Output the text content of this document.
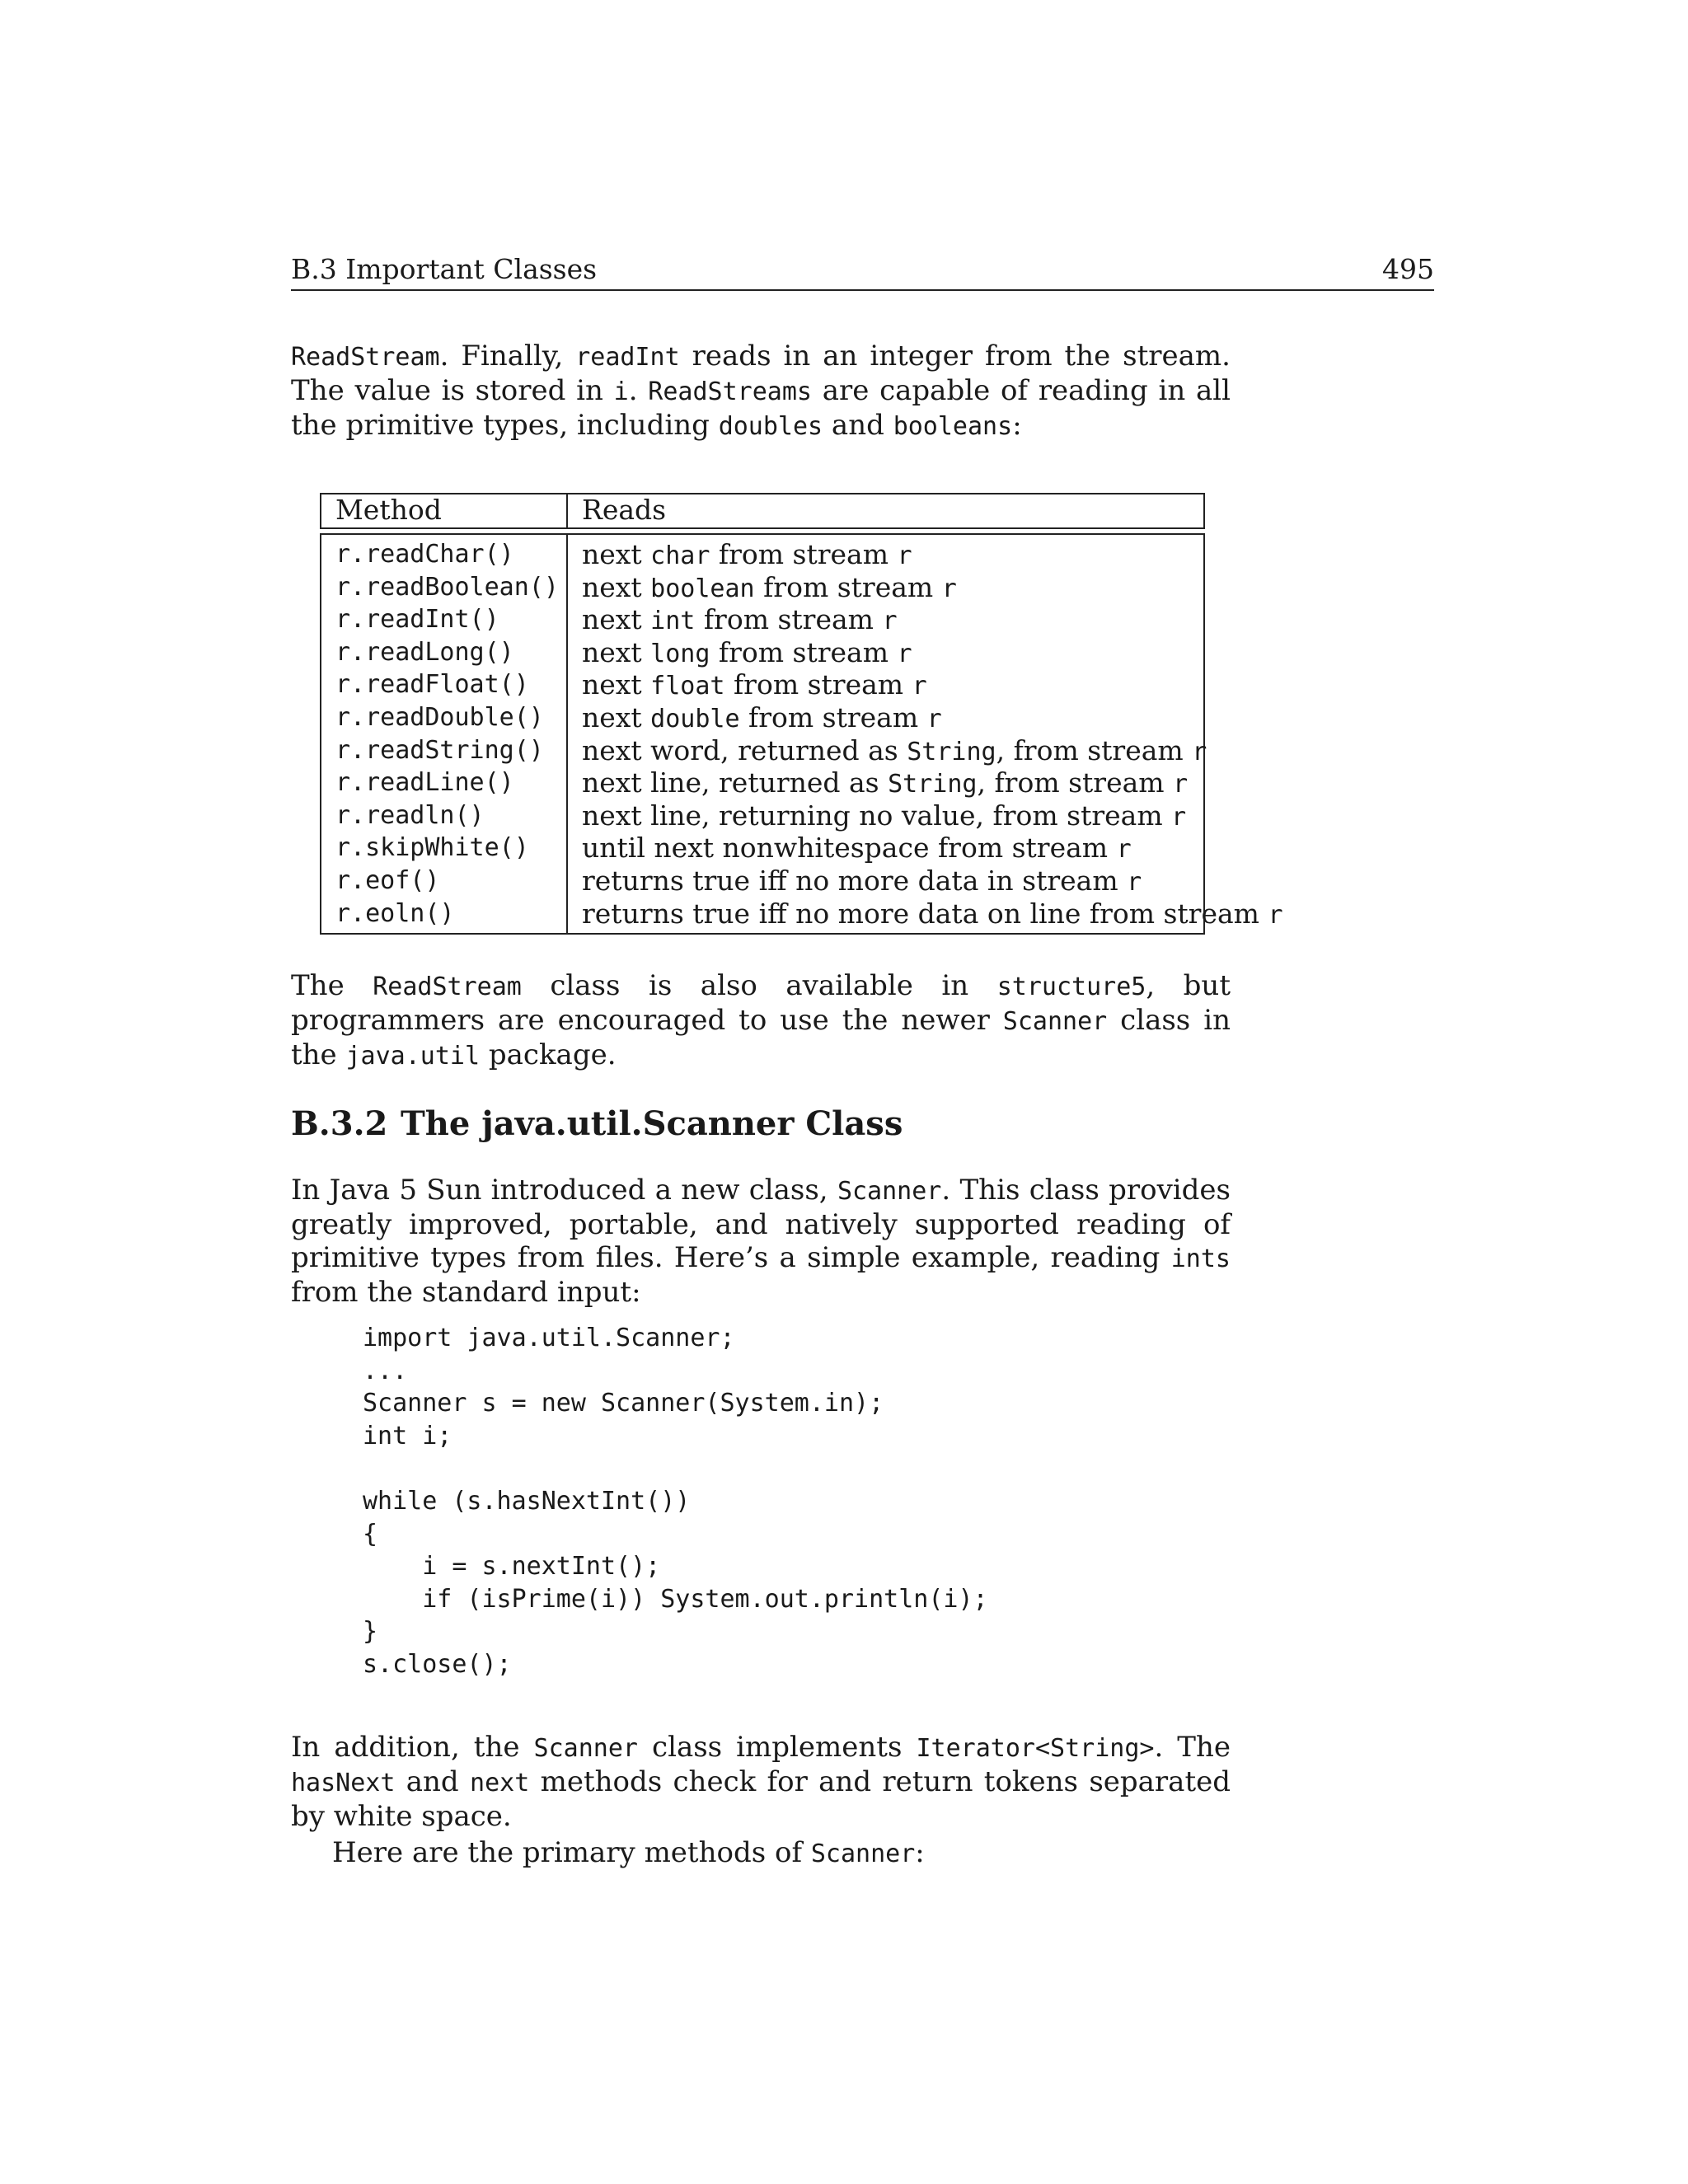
B.3 Important Classes	495

ReadStream. Finally, readInt reads in an integer from the stream. The value is stored in i. ReadStreams are capable of reading in all the primitive types, including doubles and booleans:

Method	Reads
r.readChar() next char from stream r
r.readBoolean() next boolean from stream r
r.readInt()	next int from stream r
r.readLong() next long from stream r
r.readFloat() next float from stream r
r.readDouble() next double from stream r
r.readString() next word, returned as String, from stream r
r.readLine() next line, returned as String, from stream r
r.readln()	next line, returning no value, from stream r
r.skipWhite() until next nonwhitespace from stream r
r.eof()	returns true iff no more data in stream r
r.eoln()	returns true iff no more data on line from stream r

The ReadStream class is also available in structure5, but programmers are encouraged to use the newer Scanner class in the java.util package.

B.3.2 The java.util.Scanner Class

In Java 5 Sun introduced a new class, Scanner. This class provides greatly improved, portable, and natively supported reading of primitive types from files. Here’s a simple example, reading ints from the standard input:

import java.util.Scanner;
...
Scanner s = new Scanner(System.in);
int i;
while (s.hasNextInt())
{
i = s.nextInt();
if (isPrime(i)) System.out.println(i);
}
s.close();

In addition, the Scanner class implements Iterator<String>. The hasNext and next methods check for and return tokens separated by white space.

Here are the primary methods of Scanner:
